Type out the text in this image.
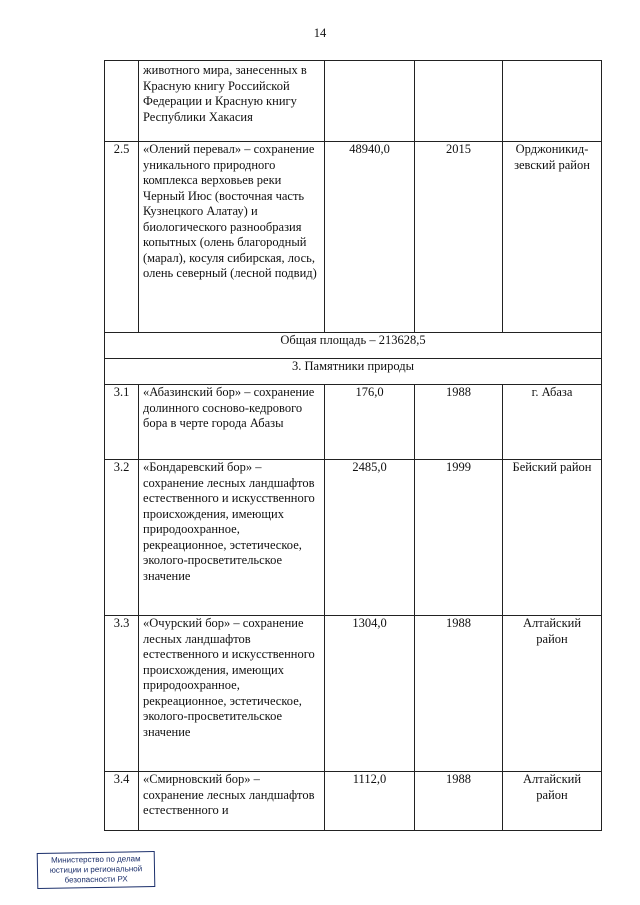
14
	животного мира, занесенных в Красную книгу Российской Федерации и Красную книгу Республики Хакасия			
2.5	«Олений перевал» – сохранение уникального природного комплекса верховьев реки Черный Июс (восточная часть Кузнецкого Алатау) и биологического разнообразия копытных (олень благородный (марал), косуля сибирская, лось, олень северный (лесной подвид)	48940,0	2015	Орджоникид-зевский район
Общая площадь – 213628,5				
3. Памятники природы				
3.1	«Абазинский бор» – сохранение долинного сосново-кедрового бора в черте города Абазы	176,0	1988	г. Абаза
3.2	«Бондаревский бор» – сохранение лесных ландшафтов естественного и искусственного происхождения, имеющих природоохранное, рекреационное, эстетическое, эколого-просветительское значение	2485,0	1999	Бейский район
3.3	«Очурский бор» – сохранение лесных ландшафтов естественного и искусственного происхождения, имеющих природоохранное, рекреационное, эстетическое, эколого-просветительское значение	1304,0	1988	Алтайский район
3.4	«Смирновский бор» – сохранение лесных ландшафтов естественного и	1112,0	1988	Алтайский район
Министерство по делам
юстиции и региональной
безопасности РХ
